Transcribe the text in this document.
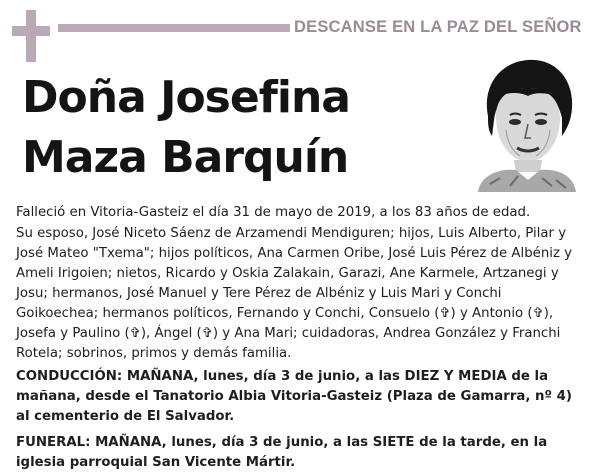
DESCANSE EN LA PAZ DEL SEÑOR
Doña Josefina
Maza Barquín

Falleció en Vitoria-Gasteiz el día 31 de mayo de 2019, a los 83 años de edad.

Su esposo, José Niceto Sáenz de Arzamendi Mendiguren; hijos, Luis Alberto, Pilar y José Mateo "Txema"; hijos políticos, Ana Carmen Oribe, José Luis Pérez de Albéniz y Ameli Irigoien; nietos, Ricardo y Oskia Zalakain, Garazi, Ane Karmele, Artzanegi y Josu; hermanos, José Manuel y Tere Pérez de Albéniz y Luis Mari y Conchi Goikoechea; hermanos políticos, Fernando y Conchi, Consuelo (✞) y Antonio (✞), Josefa y Paulino (✞), Ángel (✞) y Ana Mari; cuidadoras, Andrea González y Franchi Rotela; sobrinos, primos y demás familia.

CONDUCCIÓN: MAÑANA, lunes, día 3 de junio, a las DIEZ Y MEDIA de la mañana, desde el Tanatorio Albia Vitoria-Gasteiz (Plaza de Gamarra, nº 4) al cementerio de El Salvador.

FUNERAL: MAÑANA, lunes, día 3 de junio, a las SIETE de la tarde, en la iglesia parroquial San Vicente Mártir.
